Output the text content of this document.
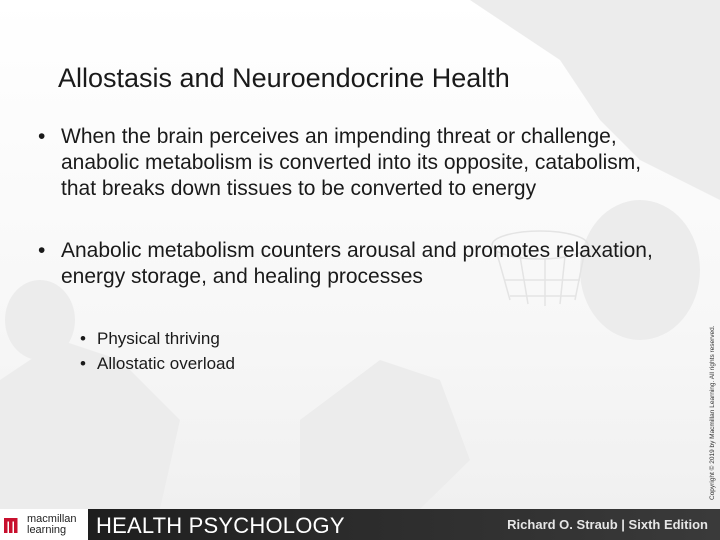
Allostasis and Neuroendocrine Health
• When the brain perceives an impending threat or challenge, anabolic metabolism is converted into its opposite, catabolism, that breaks down tissues to be converted to energy
• Anabolic metabolism counters arousal and promotes relaxation, energy storage, and healing processes
• Physical thriving
• Allostatic overload	Copyright © 2019 by Macmillan Learning. All rights reserved.
macmillan
learning	HEALTH PSYCHOLOGY	Richard O. Straub | Sixth Edition
